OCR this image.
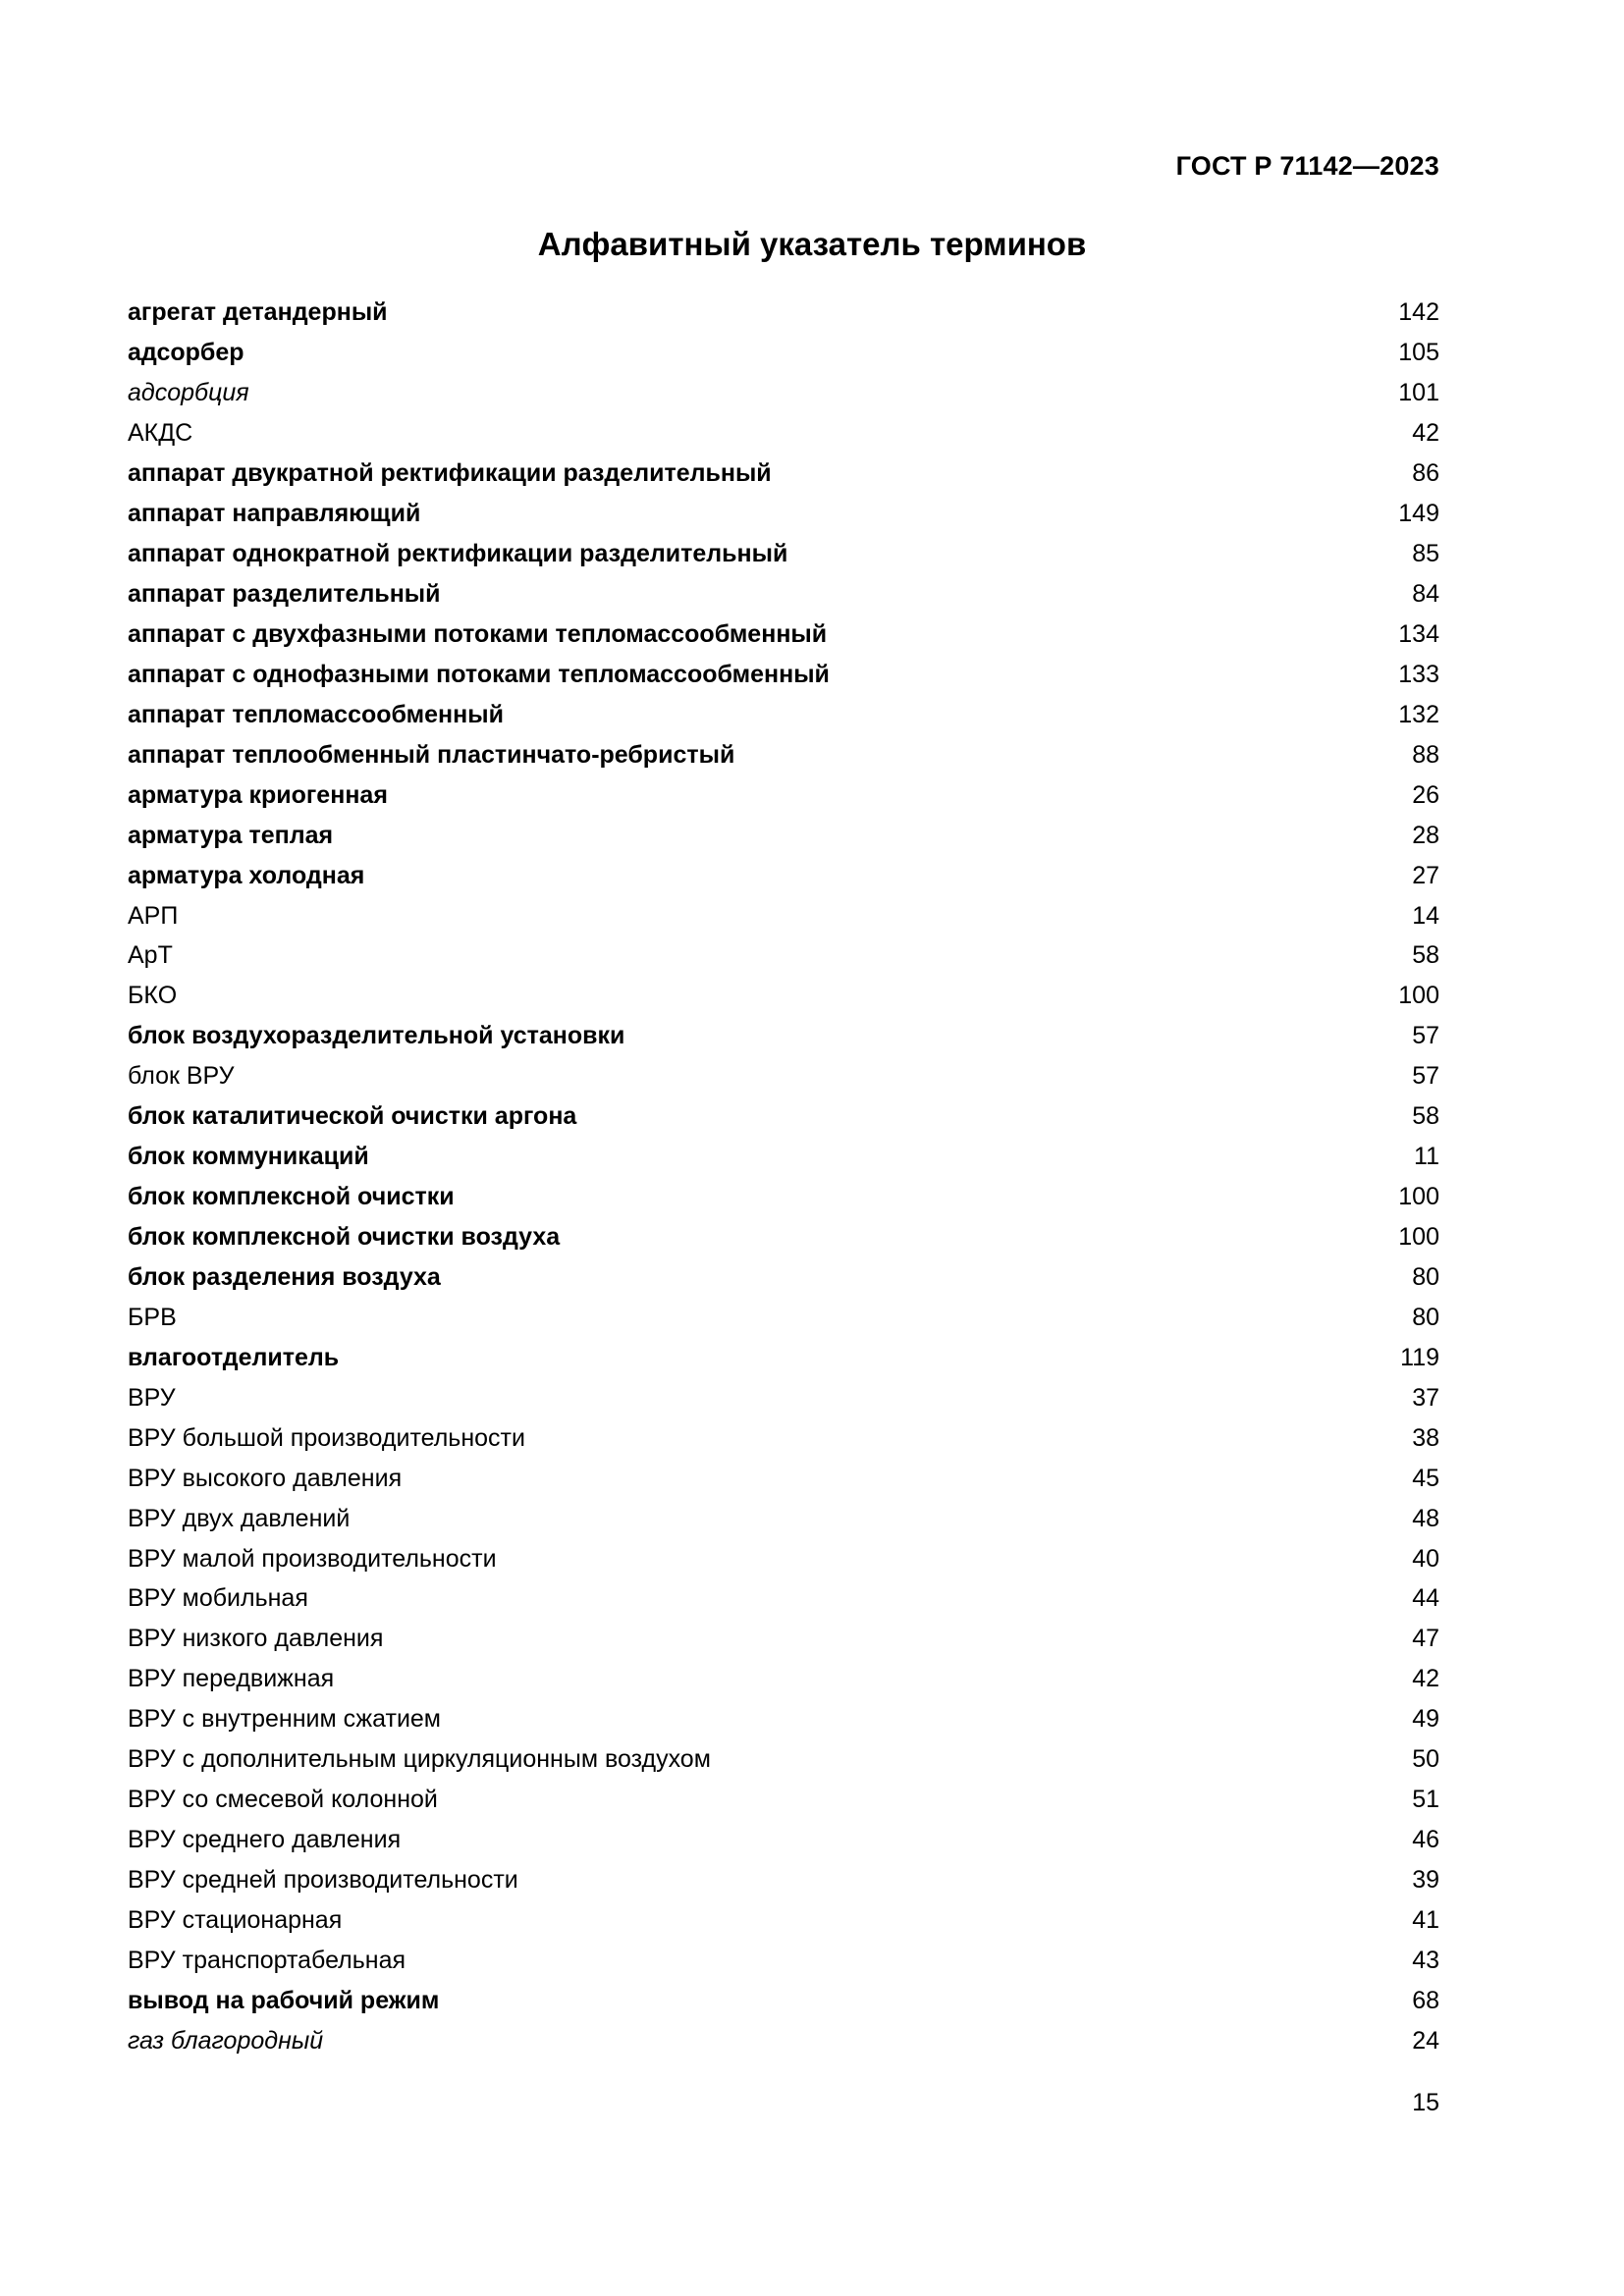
ГОСТ Р 71142—2023
Алфавитный указатель терминов
агрегат детандерный	142
адсорбер	105
адсорбция	101
АКДС	42
аппарат двукратной ректификации разделительный	86
аппарат направляющий	149
аппарат однократной ректификации разделительный	85
аппарат разделительный	84
аппарат с двухфазными потоками тепломассообменный	134
аппарат с однофазными потоками тепломассообменный	133
аппарат тепломассообменный	132
аппарат теплообменный пластинчато-ребристый	88
арматура криогенная	26
арматура теплая	28
арматура холодная	27
АРП	14
АрТ	58
БКО	100
блок воздухоразделительной установки	57
блок ВРУ	57
блок каталитической очистки аргона	58
блок коммуникаций	11
блок комплексной очистки	100
блок комплексной очистки воздуха	100
блок разделения воздуха	80
БРВ	80
влагоотделитель	119
ВРУ	37
ВРУ большой производительности	38
ВРУ высокого давления	45
ВРУ двух давлений	48
ВРУ малой производительности	40
ВРУ мобильная	44
ВРУ низкого давления	47
ВРУ передвижная	42
ВРУ с внутренним сжатием	49
ВРУ с дополнительным циркуляционным воздухом	50
ВРУ со смесевой колонной	51
ВРУ среднего давления	46
ВРУ средней производительности	39
ВРУ стационарная	41
ВРУ транспортабельная	43
вывод на рабочий режим	68
газ благородный	24
15
